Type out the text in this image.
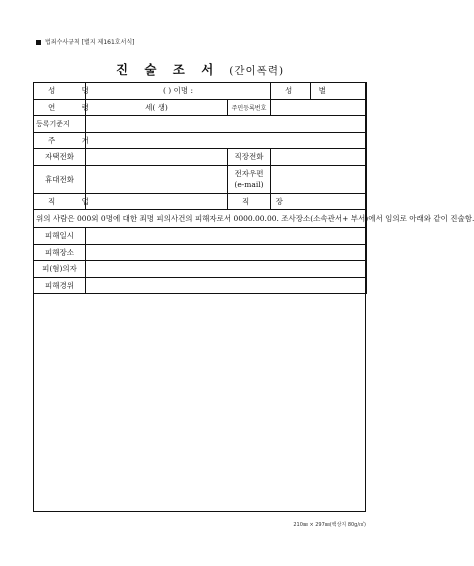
법죄수사규칙 [별지 제161호서식]
진 술 조 서 (간이폭력)
성 명	( ) 이명 :		성 별	
연 령	세( 생)	주민등록번호		
등록기준지				
주 거				
자택전화		직장전화		
휴대전화		전자우편
(e-mail)		
직 업		직 장		
위의 사람은 000외 0명에 대한 죄명 피의사건의 피해자로서 0000.00.00. 조사장소(소속관서+ 부서)에서 임의로 아래와 같이 진술함.				
피해일시				
피해장소				
피(혐)의자				
피해경위				
210㎜ × 297㎜(백상지 80g/㎡)
